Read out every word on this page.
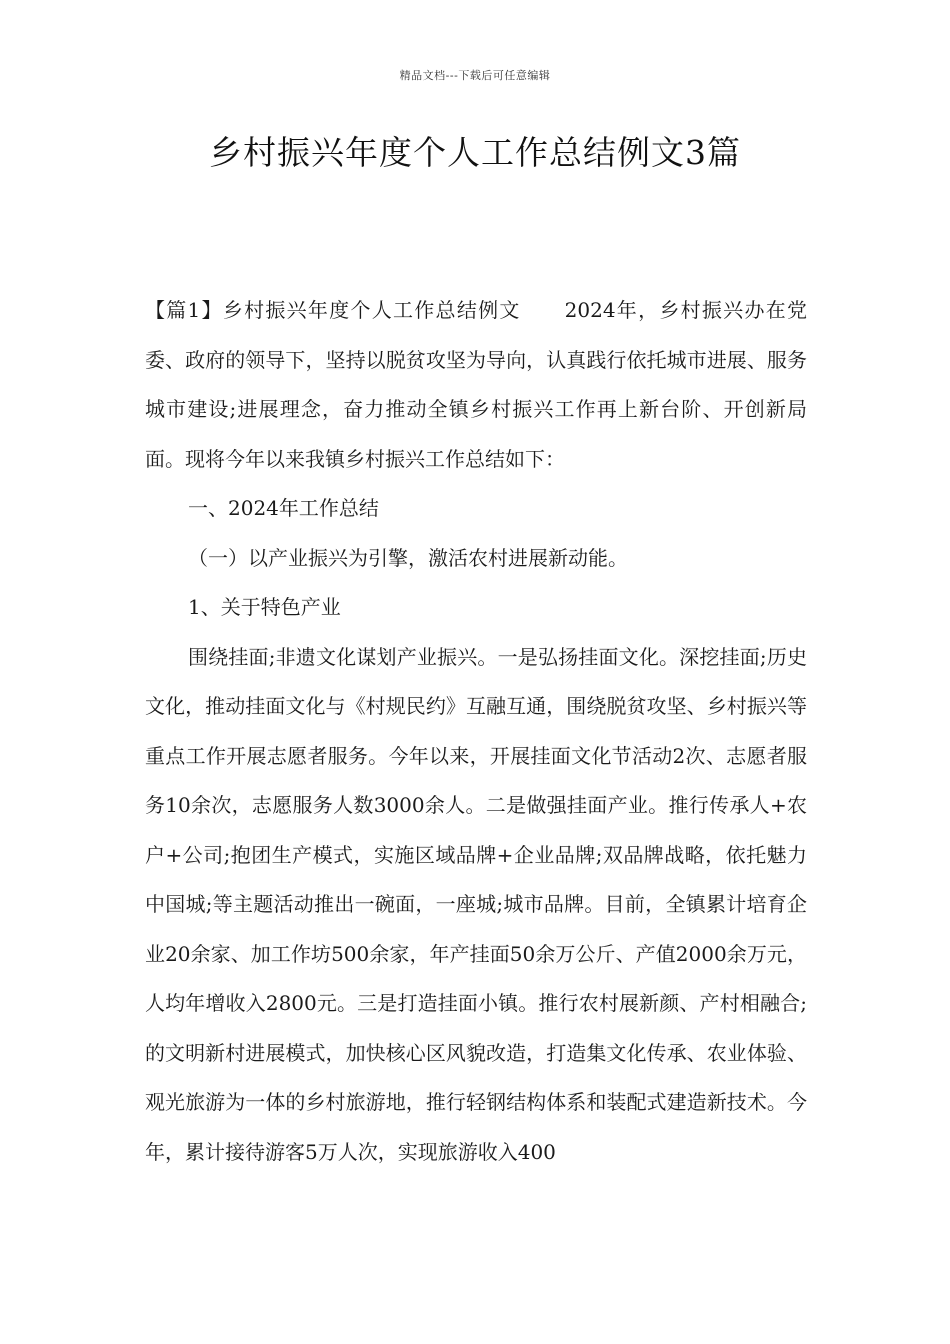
精品文档---下载后可任意编辑
乡村振兴年度个人工作总结例文3篇

【篇1】乡村振兴年度个人工作总结例文 2024年，乡村振兴办在党委、政府的领导下，坚持以脱贫攻坚为导向，认真践行依托城市进展、服务城市建设;进展理念，奋力推动全镇乡村振兴工作再上新台阶、开创新局面。现将今年以来我镇乡村振兴工作总结如下：

一、2024年工作总结

（一）以产业振兴为引擎，激活农村进展新动能。

1、关于特色产业

围绕挂面;非遗文化谋划产业振兴。一是弘扬挂面文化。深挖挂面;历史文化，推动挂面文化与《村规民约》互融互通，围绕脱贫攻坚、乡村振兴等重点工作开展志愿者服务。今年以来，开展挂面文化节活动2次、志愿者服务10余次，志愿服务人数3000余人。二是做强挂面产业。推行传承人+农户+公司;抱团生产模式，实施区域品牌+企业品牌;双品牌战略，依托魅力中国城;等主题活动推出一碗面，一座城;城市品牌。目前，全镇累计培育企业20余家、加工作坊500余家，年产挂面50余万公斤、产值2000余万元，人均年增收入2800元。三是打造挂面小镇。推行农村展新颜、产村相融合;的文明新村进展模式，加快核心区风貌改造，打造集文化传承、农业体验、观光旅游为一体的乡村旅游地，推行轻钢结构体系和装配式建造新技术。今年，累计接待游客5万人次，实现旅游收入400
